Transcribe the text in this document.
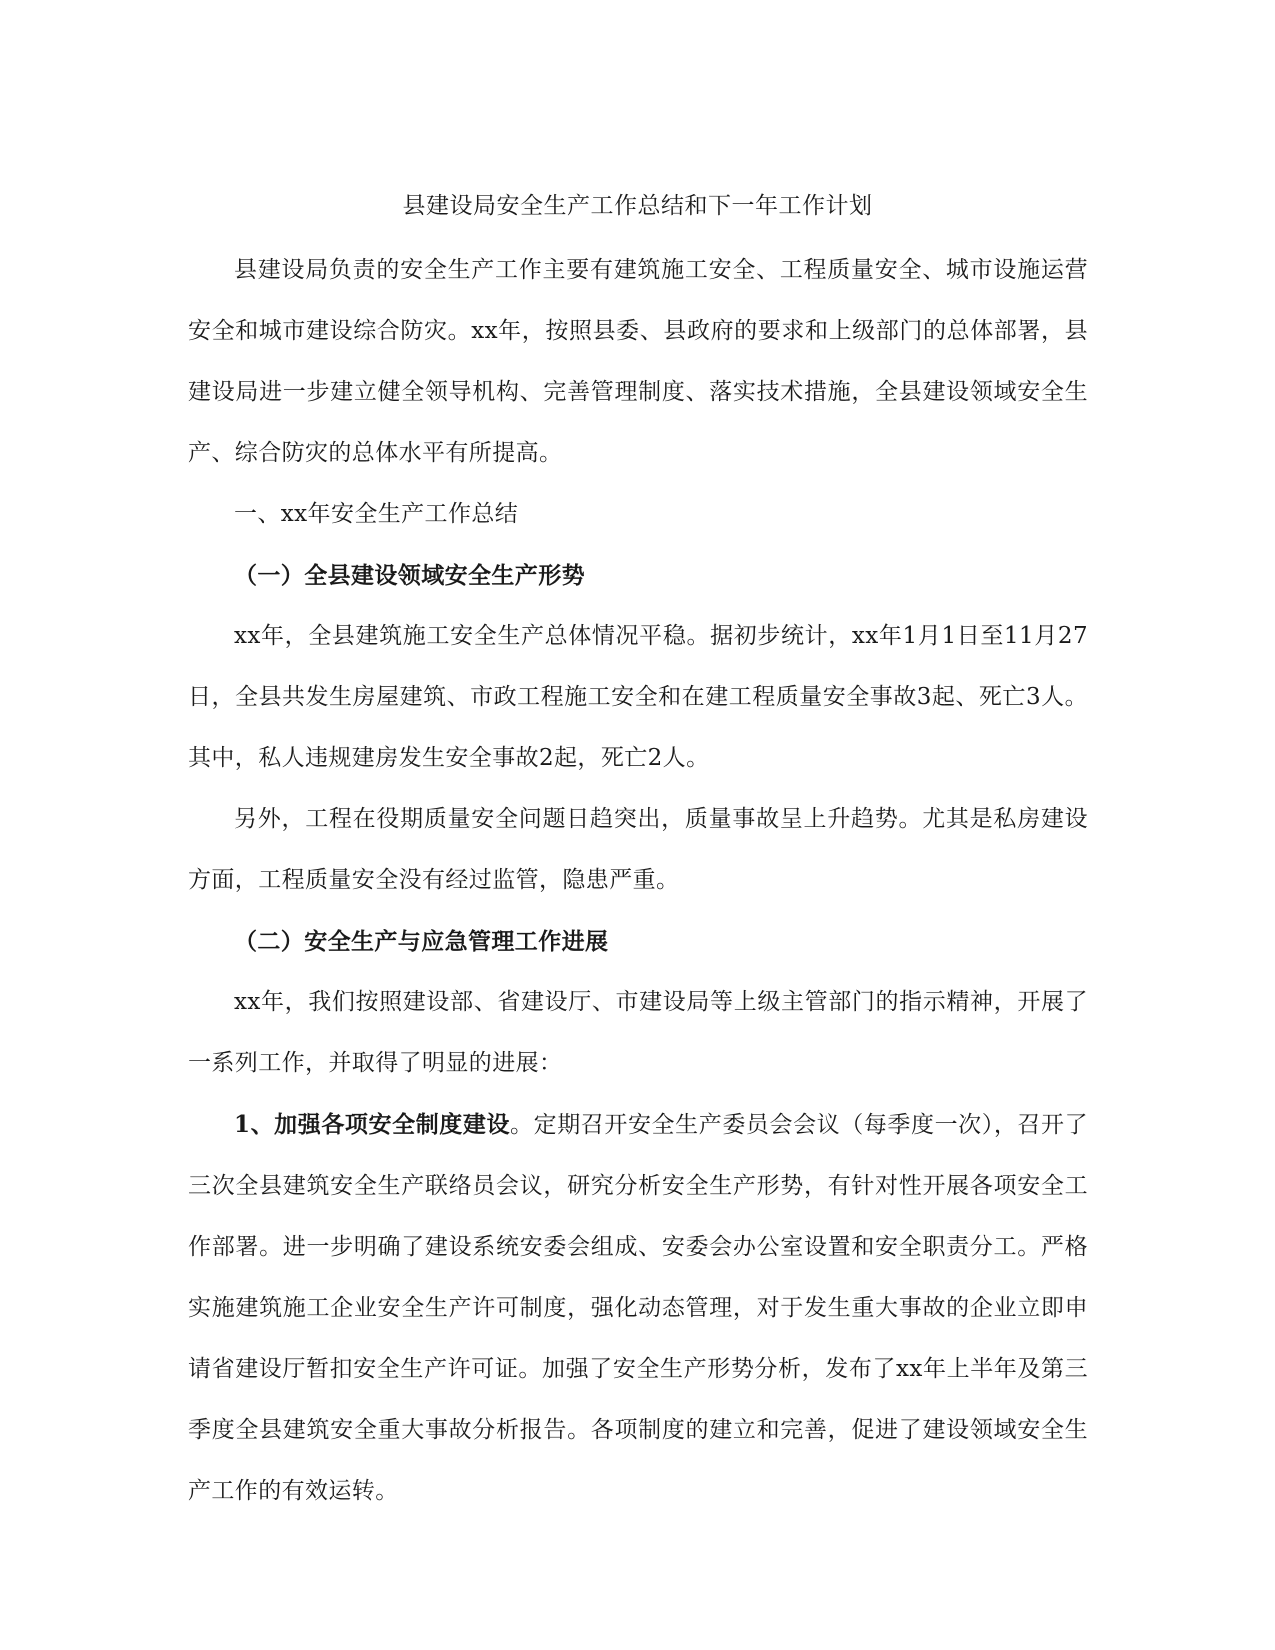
县建设局安全生产工作总结和下一年工作计划

县建设局负责的安全生产工作主要有建筑施工安全、工程质量安全、城市设施运营安全和城市建设综合防灾。xx年，按照县委、县政府的要求和上级部门的总体部署，县建设局进一步建立健全领导机构、完善管理制度、落实技术措施，全县建设领域安全生产、综合防灾的总体水平有所提高。

一、xx年安全生产工作总结

（一）全县建设领域安全生产形势

xx年，全县建筑施工安全生产总体情况平稳。据初步统计，xx年1月1日至11月27日，全县共发生房屋建筑、市政工程施工安全和在建工程质量安全事故3起、死亡3人。其中，私人违规建房发生安全事故2起，死亡2人。

另外，工程在役期质量安全问题日趋突出，质量事故呈上升趋势。尤其是私房建设方面，工程质量安全没有经过监管，隐患严重。

（二）安全生产与应急管理工作进展

xx年，我们按照建设部、省建设厅、市建设局等上级主管部门的指示精神，开展了一系列工作，并取得了明显的进展：

1、加强各项安全制度建设。定期召开安全生产委员会会议（每季度一次），召开了三次全县建筑安全生产联络员会议，研究分析安全生产形势，有针对性开展各项安全工作部署。进一步明确了建设系统安委会组成、安委会办公室设置和安全职责分工。严格实施建筑施工企业安全生产许可制度，强化动态管理，对于发生重大事故的企业立即申请省建设厅暂扣安全生产许可证。加强了安全生产形势分析，发布了xx年上半年及第三季度全县建筑安全重大事故分析报告。各项制度的建立和完善，促进了建设领域安全生产工作的有效运转。
